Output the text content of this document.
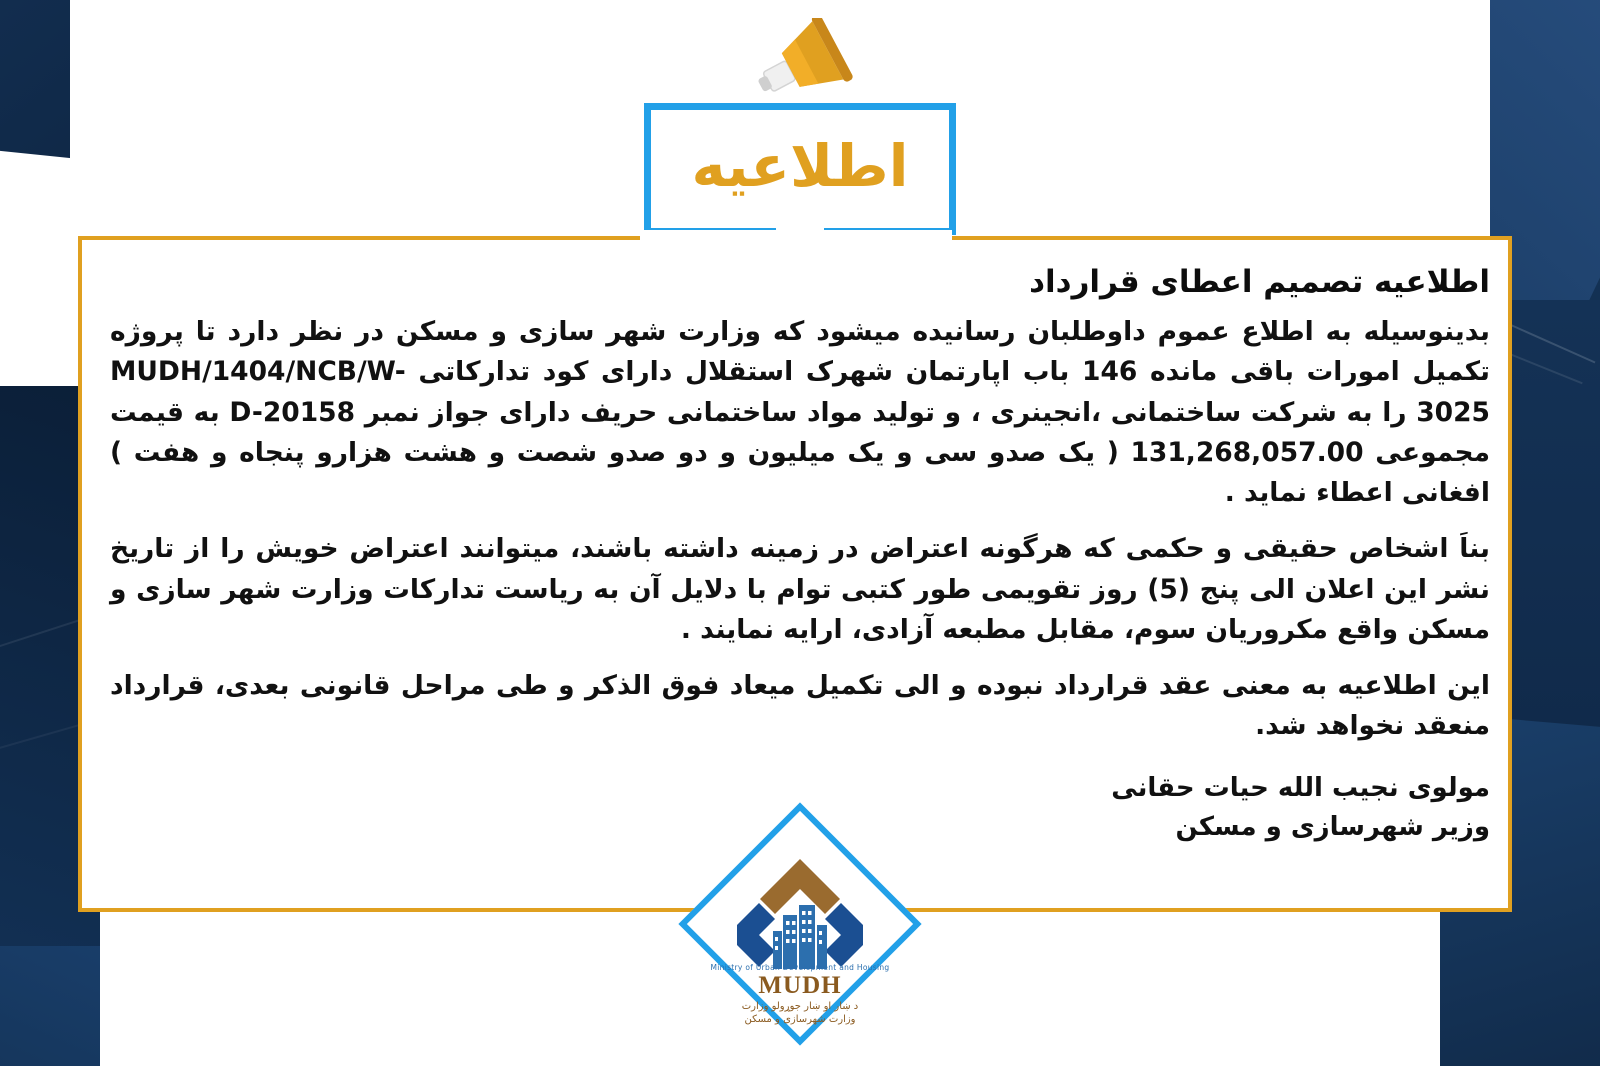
اطلاعیه
اطلاعیه تصمیم اعطای قرارداد

بدینوسیله به اطلاع عموم داوطلبان رسانیده میشود که وزارت شهر سازی و مسکن در نظر دارد تا پروژه تکمیل امورات باقی مانده 146 باب اپارتمان شهرک استقلال دارای کود تدارکاتی MUDH/1404/NCB/W-3025 را به شرکت ساختمانی ،انجینری ، و تولید مواد ساختمانی حریف دارای جواز نمبر D-20158 به قیمت مجموعی 131,268,057.00 ( یک صدو سی و یک میلیون و دو صدو شصت و هشت هزارو پنجاه و هفت ) افغانی اعطاء نماید .

بناَ اشخاص حقیقی و حکمی که هرگونه اعتراض در زمینه داشته باشند، میتوانند اعتراض خویش را از تاریخ نشر این اعلان الی پنج (5) روز تقویمی طور کتبی توام با دلایل آن به ریاست تدارکات وزارت شهر سازی و مسکن واقع مکروریان سوم، مقابل مطبعه آزادی، ارایه نمایند .

این اطلاعیه به معنی عقد قرارداد نبوده و الی تکمیل میعاد فوق الذکر و طی مراحل قانونی بعدی، قرارداد منعقد نخواهد شد.

مولوی نجیب الله حیات حقانی
وزیر شهرسازی و مسکن
Ministry of Urban Development and Housing
MUDH
د ښار او ښار جوړولو وزارت
وزارت شهرسازی و مسکن
